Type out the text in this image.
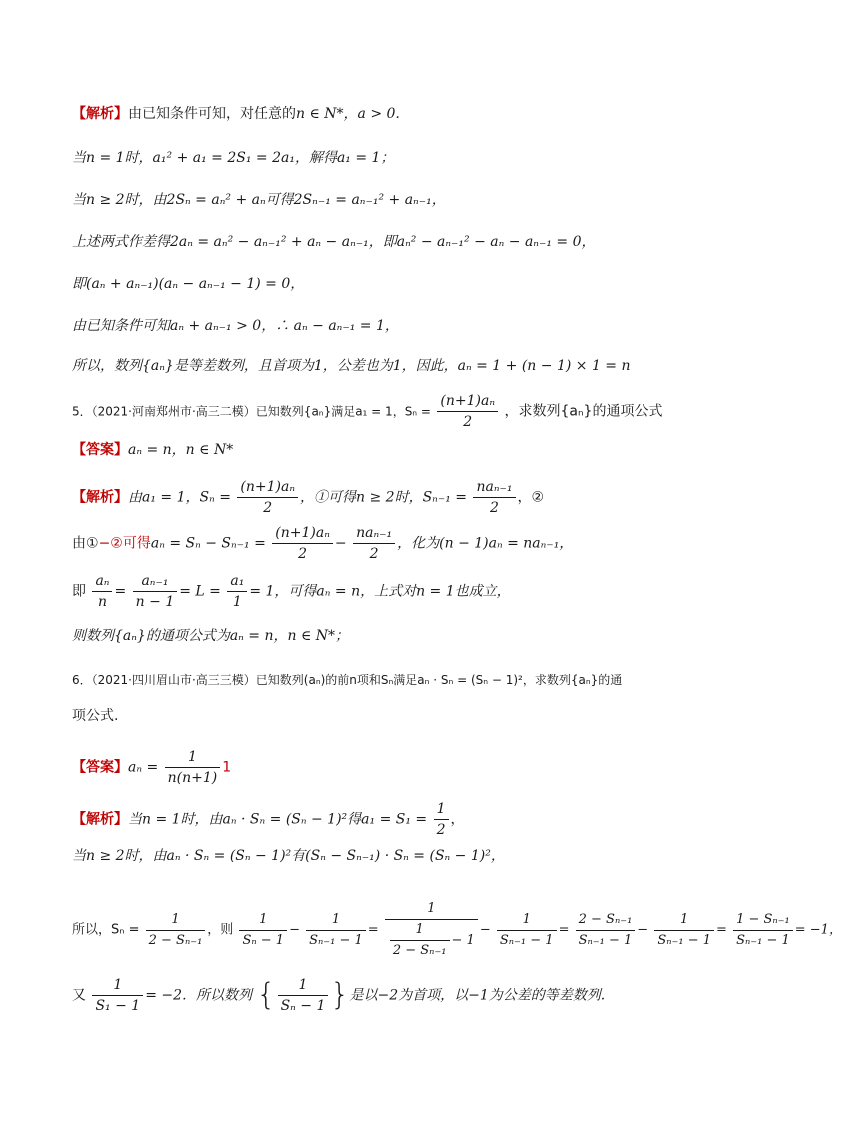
【解析】由已知条件可知，对任意的n ∈ N*，a > 0.
当n = 1时，a₁² + a₁ = 2S₁ = 2a₁，解得a₁ = 1；
当n ≥ 2时，由2Sₙ = aₙ² + aₙ可得2Sₙ₋₁ = aₙ₋₁² + aₙ₋₁，
上述两式作差得2aₙ = aₙ² − aₙ₋₁² + aₙ − aₙ₋₁，即aₙ² − aₙ₋₁² − aₙ − aₙ₋₁ = 0，
即(aₙ + aₙ₋₁)(aₙ − aₙ₋₁ − 1) = 0，
由已知条件可知aₙ + aₙ₋₁ > 0，∴ aₙ − aₙ₋₁ = 1，
所以，数列{aₙ}是等差数列，且首项为1，公差也为1，因此，aₙ = 1 + (n − 1) × 1 = n
5．（2021·河南郑州市·高三二模）已知数列{aₙ}满足a₁ = 1，$S_n = \frac{\text{(n+1)aₙ}}{2}$ ，求数列{aₙ}的通项公式
【答案】aₙ = n，n ∈ N*
【解析】由a₁ = 1，$S_n = \frac{\text{(n+1)aₙ}}{2}$ ，①可得n ≥ 2时，$S_{n-1} = \frac{\text{naₙ₋₁}}{2}$ ，②
由①−②可得$a_n = S_n - S_{n-1} = \frac{\text{(n+1)aₙ}}{2} - \frac{\text{naₙ₋₁}}{2}$ ，化为(n − 1)aₙ = naₙ₋₁，
即 $\frac{\text{aₙ}}{n} = \frac{\text{aₙ₋₁}}{n - 1} = L = \frac{\text{a₁}}{1} = 1$，可得aₙ = n，上式对n = 1也成立，
则数列{aₙ}的通项公式为aₙ = n，n ∈ N*；
6．（2021·四川眉山市·高三三模）已知数列(aₙ)的前n项和Sₙ满足aₙ · Sₙ = (Sₙ − 1)²，求数列{aₙ}的通
项公式.
【答案】$a_n = \frac{1}{n(n+1)} 1$
【解析】当n = 1时，由aₙ · Sₙ = (Sₙ − 1)²得$a_1 = S_1 = \frac{1}{2}$ ，
当n ≥ 2时，由aₙ · Sₙ = (Sₙ − 1)²有(Sₙ − Sₙ₋₁) · Sₙ = (Sₙ − 1)²，
所以，$S_n = \frac{1}{\text{2 − Sₙ₋₁}}$ ，则 $\frac{1}{\text{Sₙ − 1}} - \frac{1}{\text{Sₙ₋₁ − 1}} = \frac{1}{\frac{1}{\text{2 − Sₙ₋₁}} - 1} - \frac{1}{\text{Sₙ₋₁ − 1}} = \frac{\text{2 − Sₙ₋₁}}{\text{Sₙ₋₁ − 1}} - \frac{1}{\text{Sₙ₋₁ − 1}} = \frac{\text{1 − Sₙ₋₁}}{\text{Sₙ₋₁ − 1}} = -1$，
又 $\frac{1}{\text{S₁ − 1}} = -2$．所以数列 { $\frac{1}{\text{Sₙ − 1}}$ }是以−2为首项，以−1为公差的等差数列.
